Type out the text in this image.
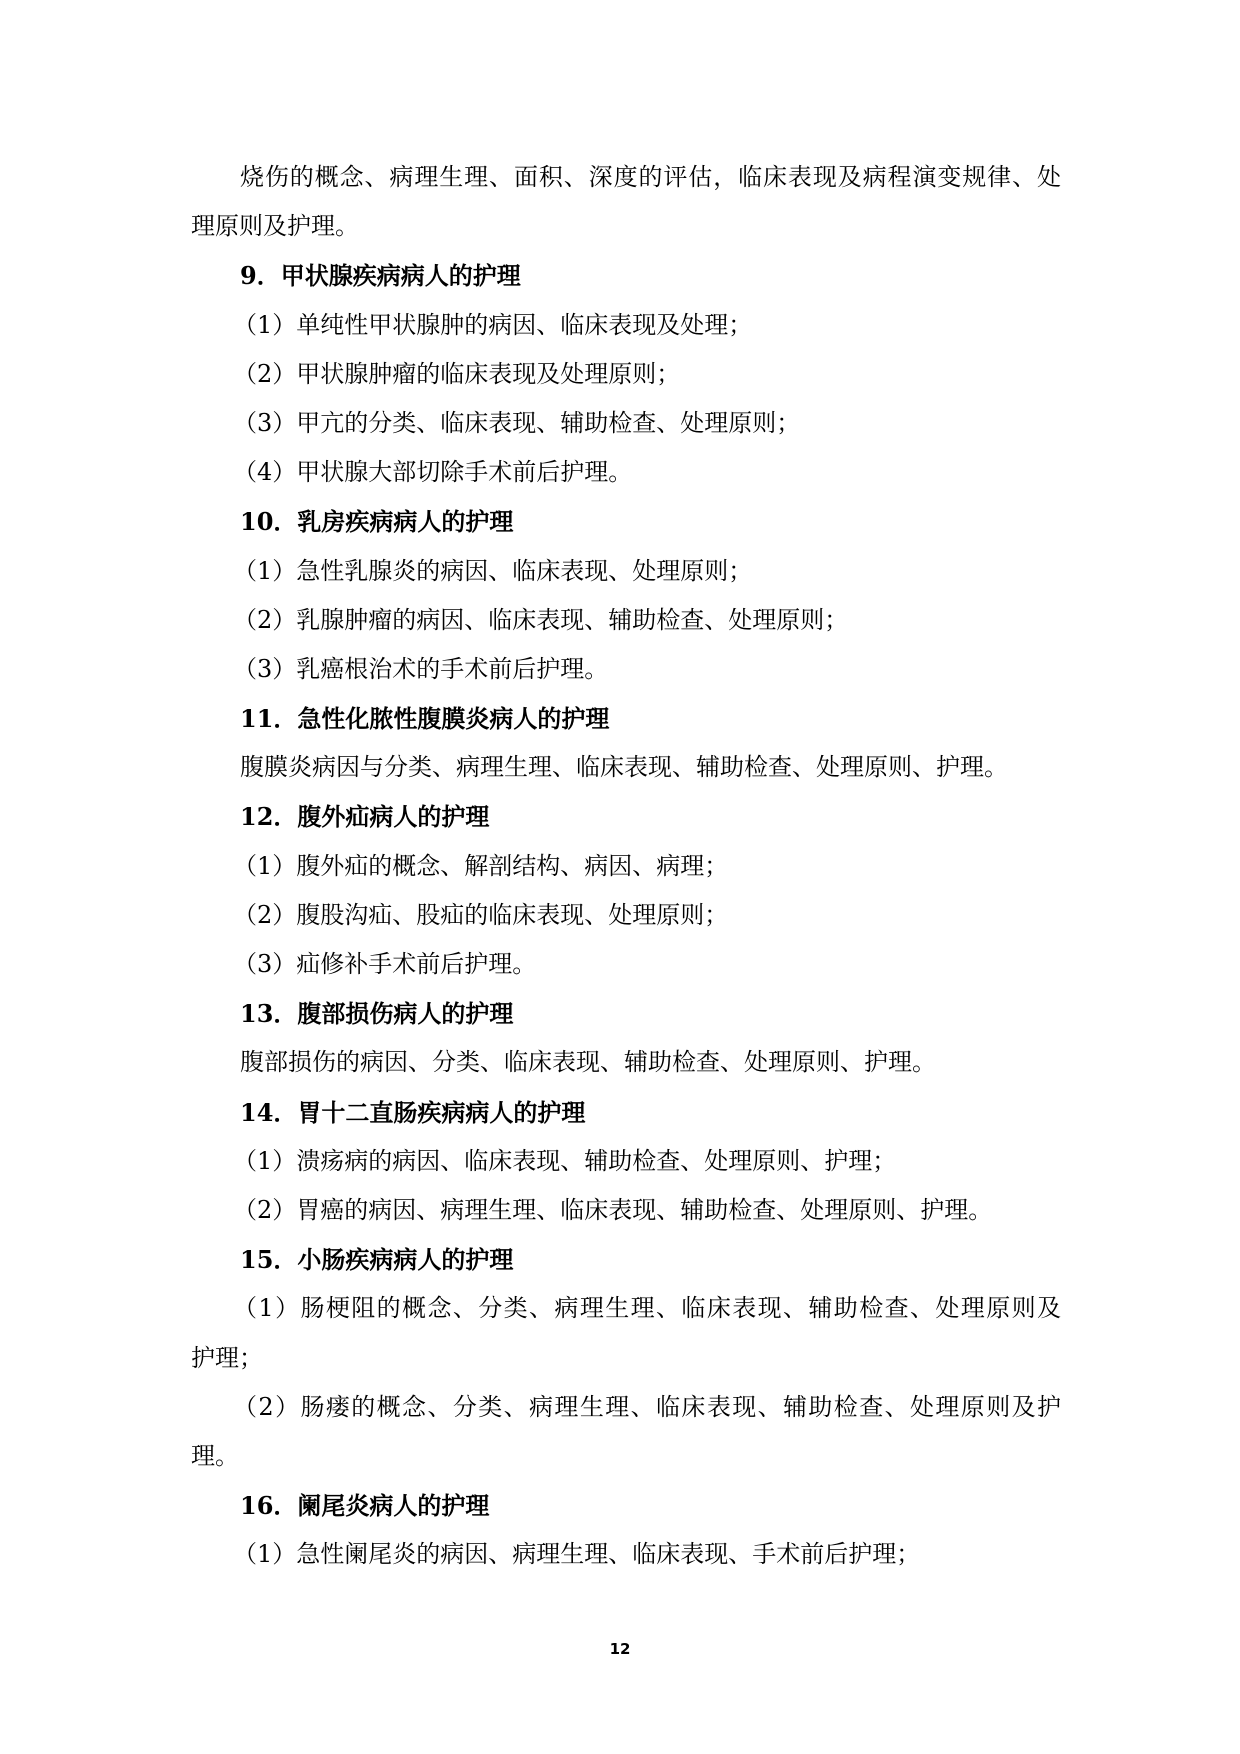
烧伤的概念、病理生理、面积、深度的评估，临床表现及病程演变规律、处
理原则及护理。
9．甲状腺疾病病人的护理
（1）单纯性甲状腺肿的病因、临床表现及处理；
（2）甲状腺肿瘤的临床表现及处理原则；
（3）甲亢的分类、临床表现、辅助检查、处理原则；
（4）甲状腺大部切除手术前后护理。
10．乳房疾病病人的护理
（1）急性乳腺炎的病因、临床表现、处理原则；
（2）乳腺肿瘤的病因、临床表现、辅助检查、处理原则；
（3）乳癌根治术的手术前后护理。
11．急性化脓性腹膜炎病人的护理
腹膜炎病因与分类、病理生理、临床表现、辅助检查、处理原则、护理。
12．腹外疝病人的护理
（1）腹外疝的概念、解剖结构、病因、病理；
（2）腹股沟疝、股疝的临床表现、处理原则；
（3）疝修补手术前后护理。
13．腹部损伤病人的护理
腹部损伤的病因、分类、临床表现、辅助检查、处理原则、护理。
14．胃十二直肠疾病病人的护理
（1）溃疡病的病因、临床表现、辅助检查、处理原则、护理；
（2）胃癌的病因、病理生理、临床表现、辅助检查、处理原则、护理。
15．小肠疾病病人的护理
（1）肠梗阻的概念、分类、病理生理、临床表现、辅助检查、处理原则及
护理；
（2）肠瘘的概念、分类、病理生理、临床表现、辅助检查、处理原则及护
理。
16．阑尾炎病人的护理
（1）急性阑尾炎的病因、病理生理、临床表现、手术前后护理；
12
